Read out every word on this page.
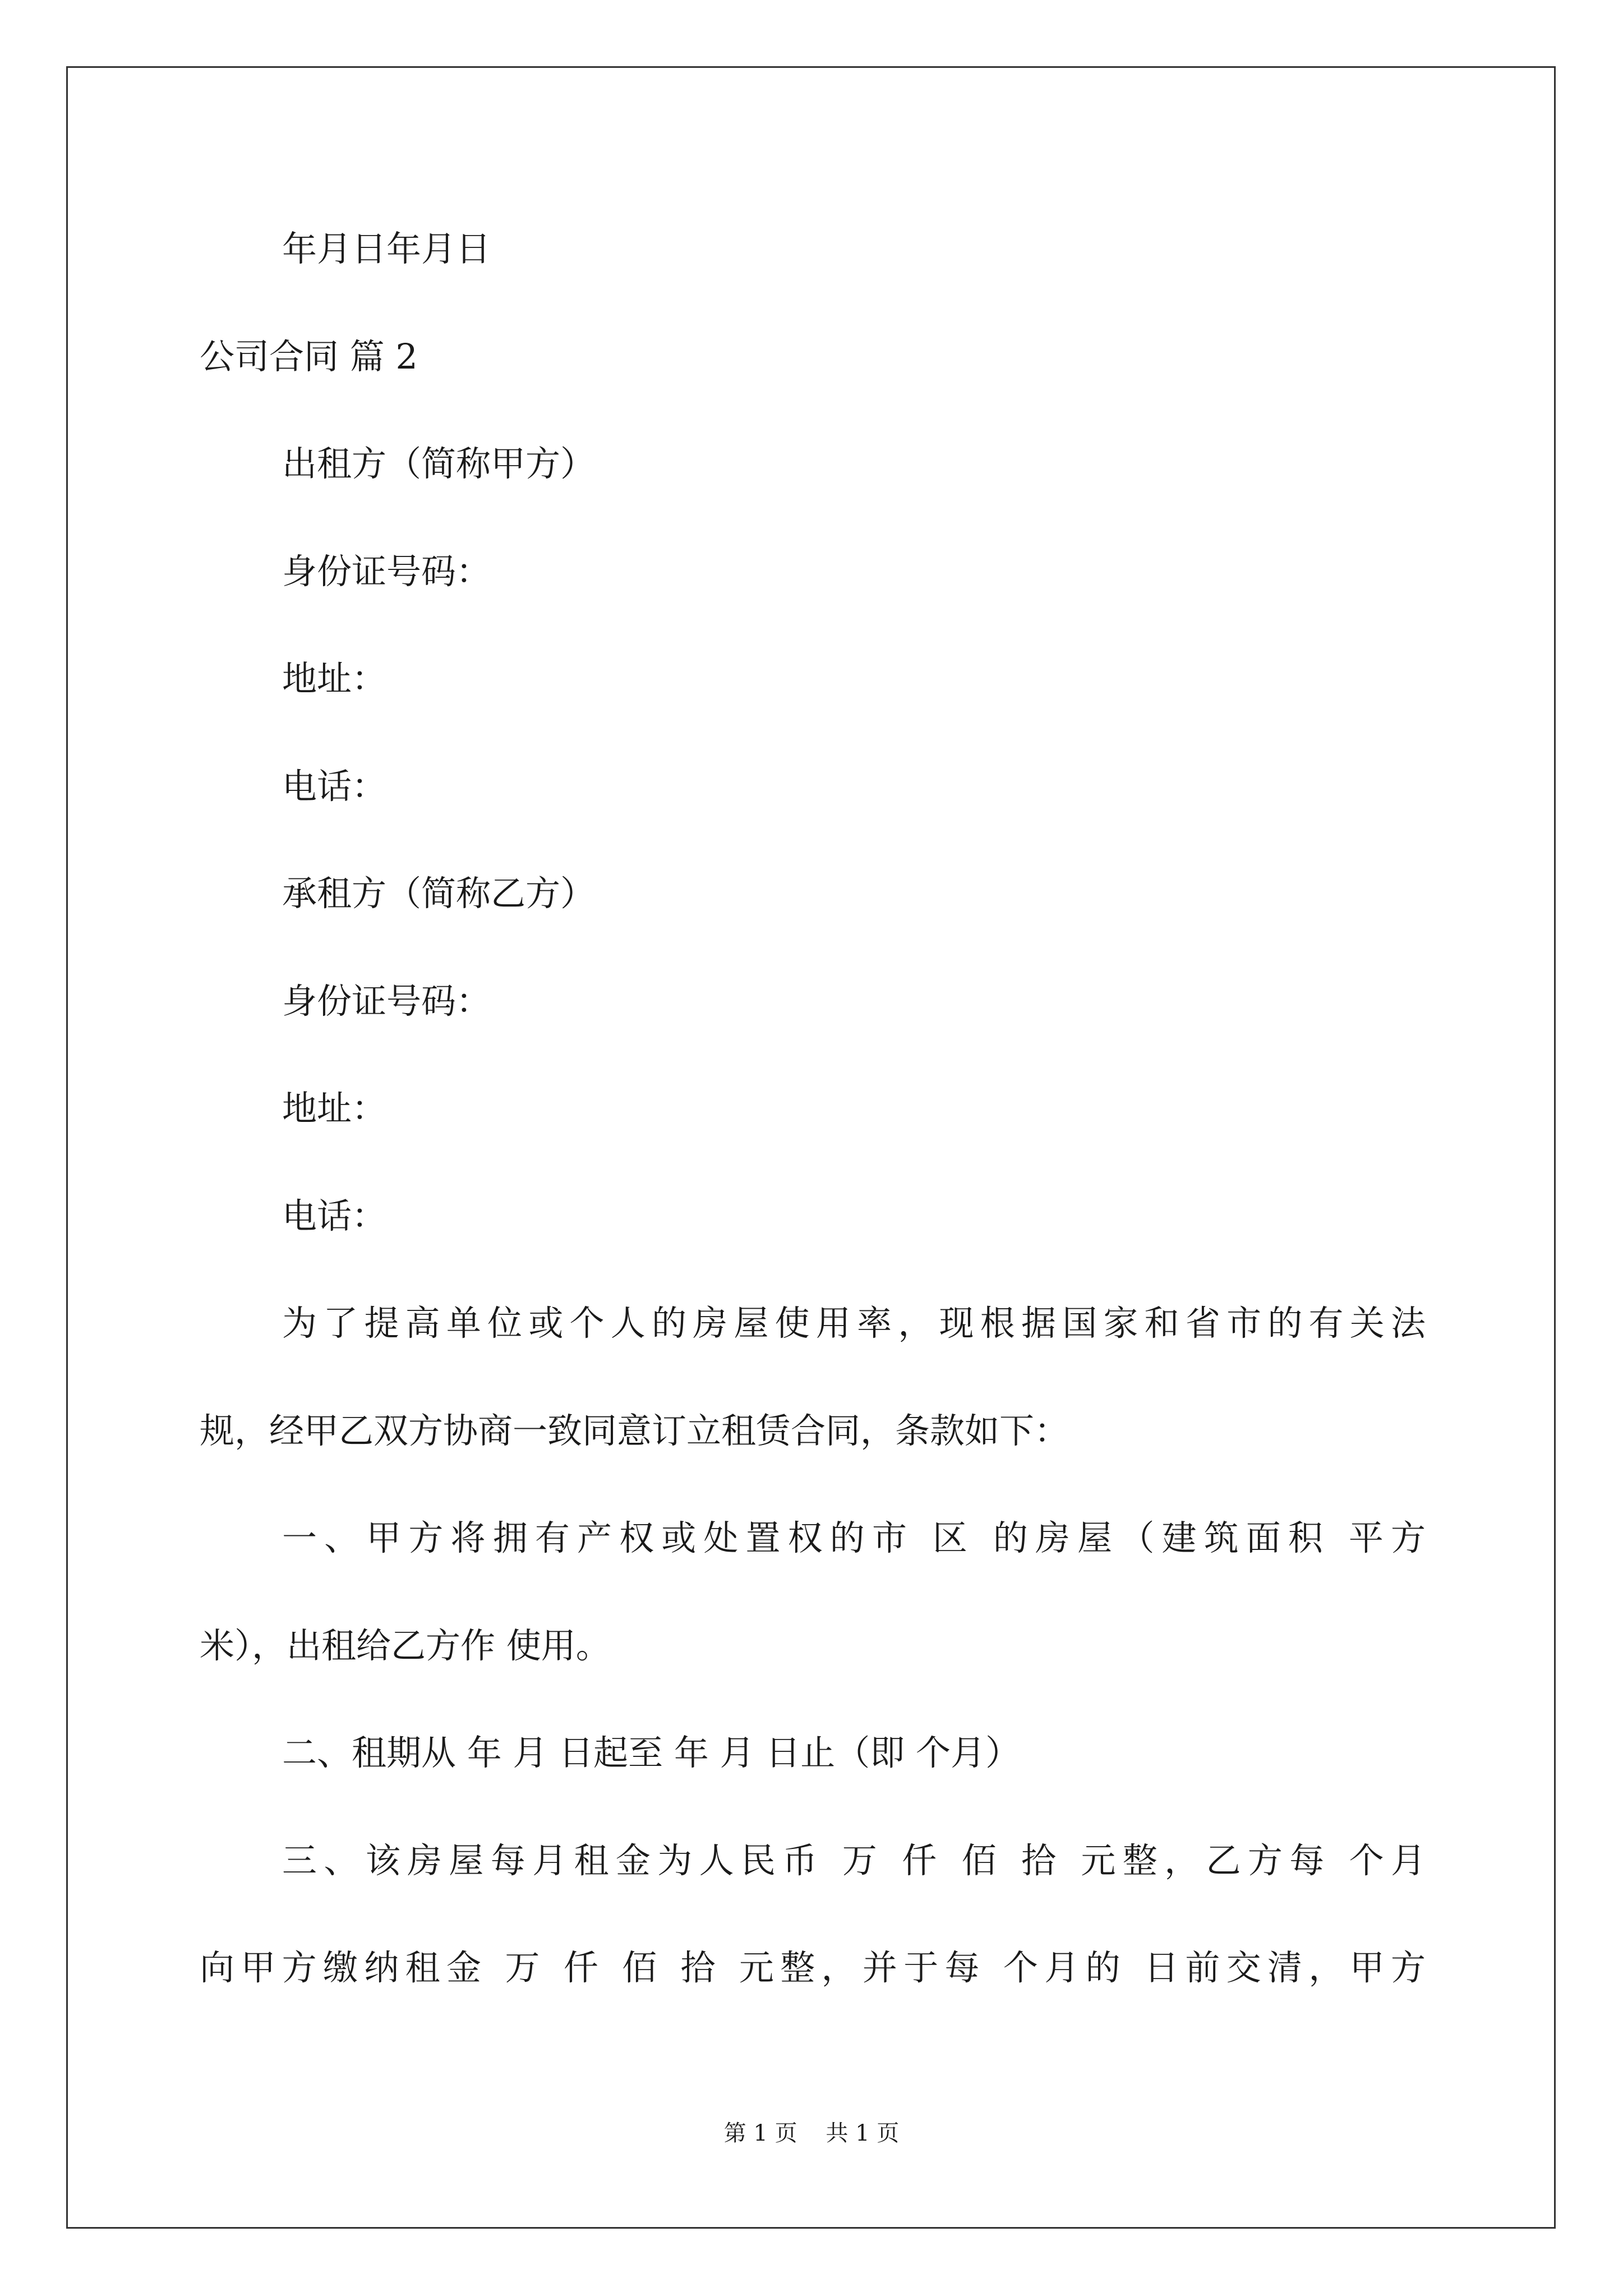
年月日年月日
公司合同 篇 2
出租方（简称甲方）
身份证号码：
地址：
电话：
承租方（简称乙方）
身份证号码：
地址：
电话：
为了提高单位或个人的房屋使用率，现根据国家和省市的有关法
规，经甲乙双方协商一致同意订立租赁合同，条款如下：
一、甲方将拥有产权或处置权的市 区 的房屋（建筑面积 平方
米），出租给乙方作 使用。
二、租期从 年 月 日起至 年 月 日止（即 个月）
三、该房屋每月租金为人民币 万 仟 佰 拾 元整，乙方每 个月
向甲方缴纳租金 万 仟 佰 拾 元整，并于每 个月的 日前交清，甲方
第 1 页    共 1 页
